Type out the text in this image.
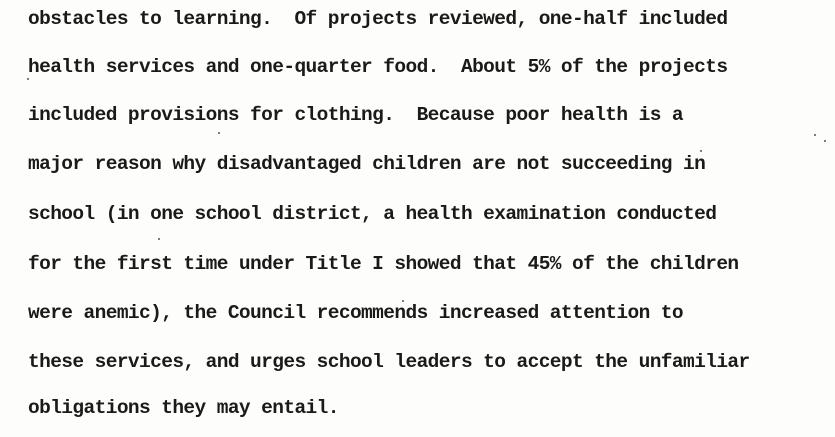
obstacles to learning.  Of projects reviewed, one-half included
health services and one-quarter food.  About 5% of the projects
included provisions for clothing.  Because poor health is a
major reason why disadvantaged children are not succeeding in
school (in one school district, a health examination conducted
for the first time under Title I showed that 45% of the children
were anemic), the Council recommends increased attention to
these services, and urges school leaders to accept the unfamiliar
obligations they may entail.
